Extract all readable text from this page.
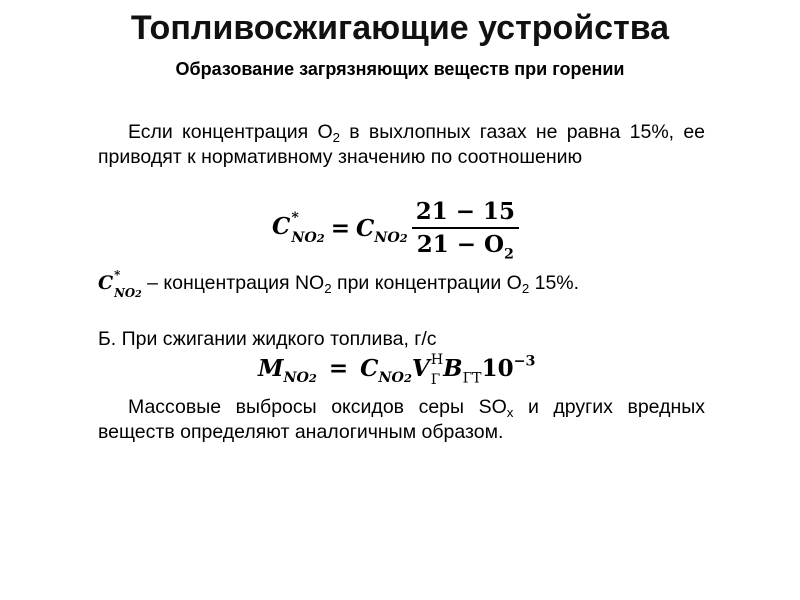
Топливосжигающие устройства
Образование загрязняющих веществ при горении
Если концентрация $O_2$ в выхлопных газах не равна 15%, ее приводят к нормативному значению по соотношению
C *
$NO2 = C_{NO2} \frac{21 - 15}{21 - O_2}$
C *
NO2
– концентрация $NO_2$ при концентрации $O_2$ 15%.
Б. При сжигании жидкого топлива, г/с
$M_{NO2} = C_{NO2}V$ Н
Г $B_{ГТ}10^{-3}$
Массовые выбросы оксидов серы $SO_x$ и других вредных веществ определяют аналогичным образом.
